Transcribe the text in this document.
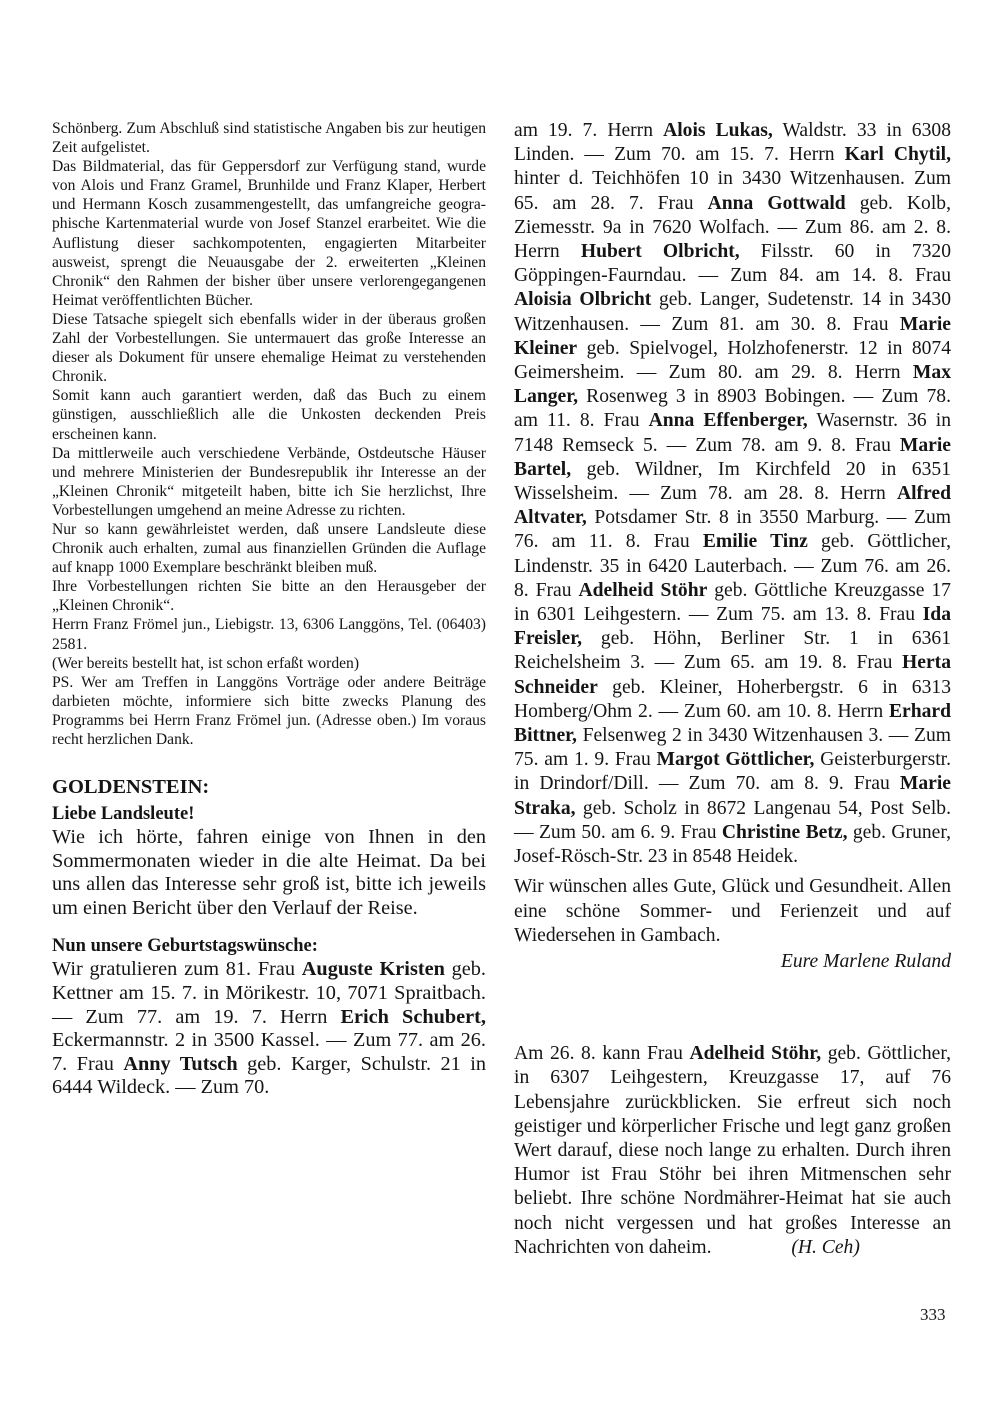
Schönberg. Zum Abschluß sind statistische Angaben bis zur heutigen Zeit aufgelistet.

Das Bildmaterial, das für Geppersdorf zur Verfügung stand, wurde von Alois und Franz Gramel, Brunhilde und Franz Klaper, Herbert und Hermann Kosch zusammengestellt, das umfangreiche geographische Kartenmaterial wurde von Josef Stanzel erarbeitet. Wie die Auflistung dieser sachkompotenten, engagierten Mitarbeiter ausweist, sprengt die Neuausgabe der 2. erweiterten „Kleinen Chronik“ den Rahmen der bisher über unsere verlorengegangenen Heimat veröffentlichten Bücher.

Diese Tatsache spiegelt sich ebenfalls wider in der überaus großen Zahl der Vorbestellungen. Sie untermauert das große Interesse an dieser als Dokument für unsere ehemalige Heimat zu verstehenden Chronik.

Somit kann auch garantiert werden, daß das Buch zu einem günstigen, ausschließlich alle die Unkosten deckenden Preis erscheinen kann.

Da mittlerweile auch verschiedene Verbände, Ostdeutsche Häuser und mehrere Ministerien der Bundesrepublik ihr Interesse an der „Kleinen Chronik“ mitgeteilt haben, bitte ich Sie herzlichst, Ihre Vorbestellungen umgehend an meine Adresse zu richten.

Nur so kann gewährleistet werden, daß unsere Landsleute diese Chronik auch erhalten, zumal aus finanziellen Gründen die Auflage auf knapp 1000 Exemplare beschränkt bleiben muß.

Ihre Vorbestellungen richten Sie bitte an den Herausgeber der „Kleinen Chronik“.

Herrn Franz Frömel jun., Liebigstr. 13, 6306 Langgöns, Tel. (06403) 2581.

(Wer bereits bestellt hat, ist schon erfaßt worden)

PS. Wer am Treffen in Langgöns Vorträge oder andere Beiträge darbieten möchte, informiere sich bitte zwecks Planung des Programms bei Herrn Franz Frömel jun. (Adresse oben.) Im voraus recht herzlichen Dank.

GOLDENSTEIN:
Liebe Landsleute!

Wie ich hörte, fahren einige von Ihnen in den Sommermonaten wieder in die alte Heimat. Da bei uns allen das Interesse sehr groß ist, bitte ich jeweils um einen Bericht über den Verlauf der Reise.

Nun unsere Geburtstagswünsche:

Wir gratulieren zum 81. Frau Auguste Kristen geb. Kettner am 15. 7. in Mörikestr. 10, 7071 Spraitbach. — Zum 77. am 19. 7. Herrn Erich Schubert, Eckermannstr. 2 in 3500 Kassel. — Zum 77. am 26. 7. Frau Anny Tutsch geb. Karger, Schulstr. 21 in 6444 Wildeck. — Zum 70.

am 19. 7. Herrn Alois Lukas, Waldstr. 33 in 6308 Linden. — Zum 70. am 15. 7. Herrn Karl Chytil, hinter d. Teichhöfen 10 in 3430 Witzenhausen. Zum 65. am 28. 7. Frau Anna Gottwald geb. Kolb, Ziemesstr. 9a in 7620 Wolfach. — Zum 86. am 2. 8. Herrn Hubert Olbricht, Filsstr. 60 in 7320 Göppingen-Faurndau. — Zum 84. am 14. 8. Frau Aloisia Olbricht geb. Langer, Sudetenstr. 14 in 3430 Witzenhausen. — Zum 81. am 30. 8. Frau Marie Kleiner geb. Spielvogel, Holzhofenerstr. 12 in 8074 Geimersheim. — Zum 80. am 29. 8. Herrn Max Langer, Rosenweg 3 in 8903 Bobingen. — Zum 78. am 11. 8. Frau Anna Effenberger, Wasernstr. 36 in 7148 Remseck 5. — Zum 78. am 9. 8. Frau Marie Bartel, geb. Wildner, Im Kirchfeld 20 in 6351 Wisselsheim. — Zum 78. am 28. 8. Herrn Alfred Altvater, Potsdamer Str. 8 in 3550 Marburg. — Zum 76. am 11. 8. Frau Emilie Tinz geb. Göttlicher, Lindenstr. 35 in 6420 Lauterbach. — Zum 76. am 26. 8. Frau Adelheid Stöhr geb. Göttliche Kreuzgasse 17 in 6301 Leihgestern. — Zum 75. am 13. 8. Frau Ida Freisler, geb. Höhn, Berliner Str. 1 in 6361 Reichelsheim 3. — Zum 65. am 19. 8. Frau Herta Schneider geb. Kleiner, Hoherbergstr. 6 in 6313 Homberg/Ohm 2. — Zum 60. am 10. 8. Herrn Erhard Bittner, Felsenweg 2 in 3430 Witzenhausen 3. — Zum 75. am 1. 9. Frau Margot Göttlicher, Geisterburgerstr. in Drindorf/Dill. — Zum 70. am 8. 9. Frau Marie Straka, geb. Scholz in 8672 Langenau 54, Post Selb. — Zum 50. am 6. 9. Frau Christine Betz, geb. Gruner, Josef-Rösch-Str. 23 in 8548 Heidek.

Wir wünschen alles Gute, Glück und Gesundheit. Allen eine schöne Sommer- und Ferienzeit und auf Wiedersehen in Gambach.

Eure Marlene Ruland

Am 26. 8. kann Frau Adelheid Stöhr, geb. Göttlicher, in 6307 Leihgestern, Kreuzgasse 17, auf 76 Lebensjahre zurückblicken. Sie erfreut sich noch geistiger und körperlicher Frische und legt ganz großen Wert darauf, diese noch lange zu erhalten. Durch ihren Humor ist Frau Stöhr bei ihren Mitmenschen sehr beliebt. Ihre schöne Nordmährer-Heimat hat sie auch noch nicht vergessen und hat großes Interesse an Nachrichten von daheim.	(H. Ceh)

333
